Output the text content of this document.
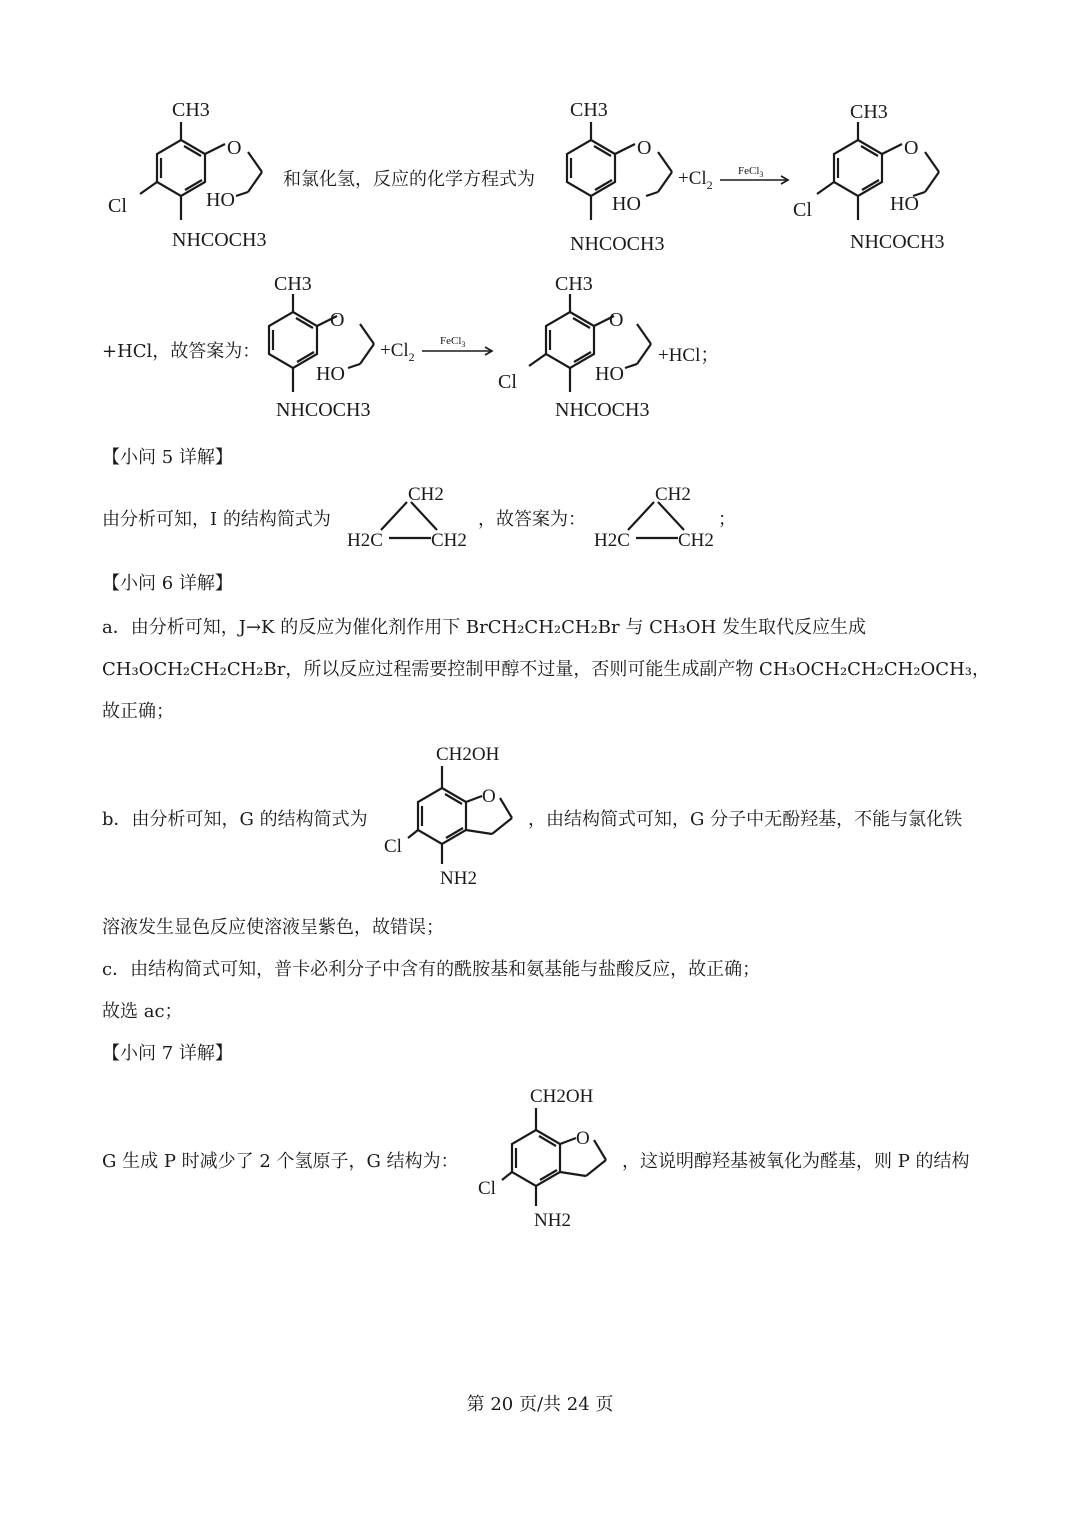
CH3
O
HO
Cl
NHCOCH3
和氯化氢，反应的化学方程式为
CH3
O
HO
NHCOCH3
$+Cl_2$
FeCl$_3$
CH3
O
HO
Cl
NHCOCH3
+HCl，故答案为：
CH3
O
HO
NHCOCH3
$+Cl_2$
FeCl$_3$
CH3
O
HO
Cl
NHCOCH3
+HCl；
【小问 5 详解】
由分析可知，I 的结构简式为
CH2
H2C	CH2
，故答案为：
CH2
H2C	CH2
；
【小问 6 详解】
a．由分析可知，J→K 的反应为催化剂作用下 BrCH₂CH₂CH₂Br 与 CH₃OH 发生取代反应生成
CH₃OCH₂CH₂CH₂Br，所以反应过程需要控制甲醇不过量，否则可能生成副产物 CH₃OCH₂CH₂CH₂OCH₃，
故正确；
b．由分析可知，G 的结构简式为
CH2OH
O
Cl
NH2
，由结构简式可知，G 分子中无酚羟基，不能与氯化铁
溶液发生显色反应使溶液呈紫色，故错误；
c．由结构简式可知，普卡必利分子中含有的酰胺基和氨基能与盐酸反应，故正确；
故选 ac；
【小问 7 详解】
G 生成 P 时减少了 2 个氢原子，G 结构为：
CH2OH
O
Cl
NH2
，这说明醇羟基被氧化为醛基，则 P 的结构
第 20 页/共 24 页
